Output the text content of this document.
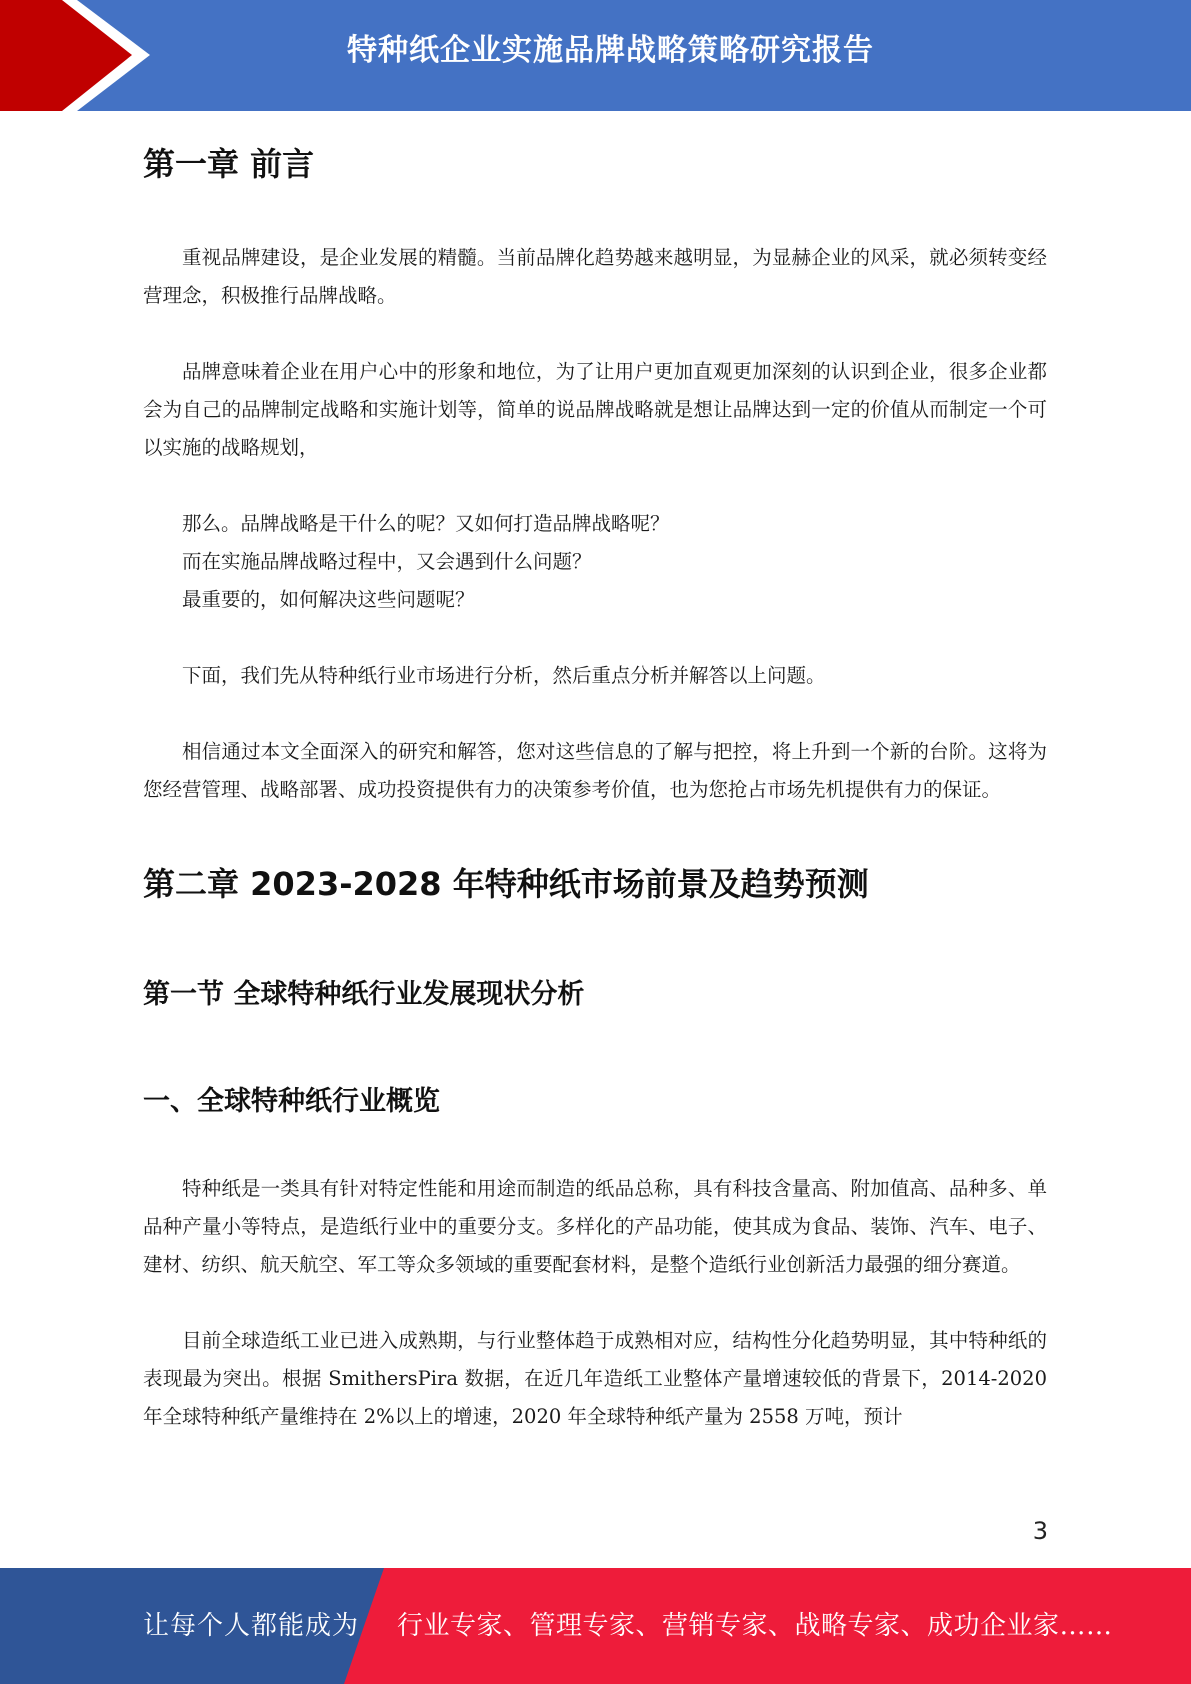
特种纸企业实施品牌战略策略研究报告
第一章 前言

重视品牌建设，是企业发展的精髓。当前品牌化趋势越来越明显，为显赫企业的风采，就必须转变经营理念，积极推行品牌战略。

品牌意味着企业在用户心中的形象和地位，为了让用户更加直观更加深刻的认识到企业，很多企业都会为自己的品牌制定战略和实施计划等，简单的说品牌战略就是想让品牌达到一定的价值从而制定一个可以实施的战略规划，

那么。品牌战略是干什么的呢？又如何打造品牌战略呢？

而在实施品牌战略过程中，又会遇到什么问题？

最重要的，如何解决这些问题呢？

下面，我们先从特种纸行业市场进行分析，然后重点分析并解答以上问题。

相信通过本文全面深入的研究和解答，您对这些信息的了解与把控，将上升到一个新的台阶。这将为您经营管理、战略部署、成功投资提供有力的决策参考价值，也为您抢占市场先机提供有力的保证。

第二章 2023-2028 年特种纸市场前景及趋势预测
第一节 全球特种纸行业发展现状分析
一、全球特种纸行业概览

特种纸是一类具有针对特定性能和用途而制造的纸品总称，具有科技含量高、附加值高、品种多、单品种产量小等特点，是造纸行业中的重要分支。多样化的产品功能，使其成为食品、装饰、汽车、电子、建材、纺织、航天航空、军工等众多领域的重要配套材料，是整个造纸行业创新活力最强的细分赛道。

目前全球造纸工业已进入成熟期，与行业整体趋于成熟相对应，结构性分化趋势明显，其中特种纸的表现最为突出。根据 SmithersPira 数据，在近几年造纸工业整体产量增速较低的背景下，2014-2020 年全球特种纸产量维持在 2%以上的增速，2020 年全球特种纸产量为 2558 万吨，预计

3
让每个人都能成为 行业专家、管理专家、营销专家、战略专家、成功企业家……
